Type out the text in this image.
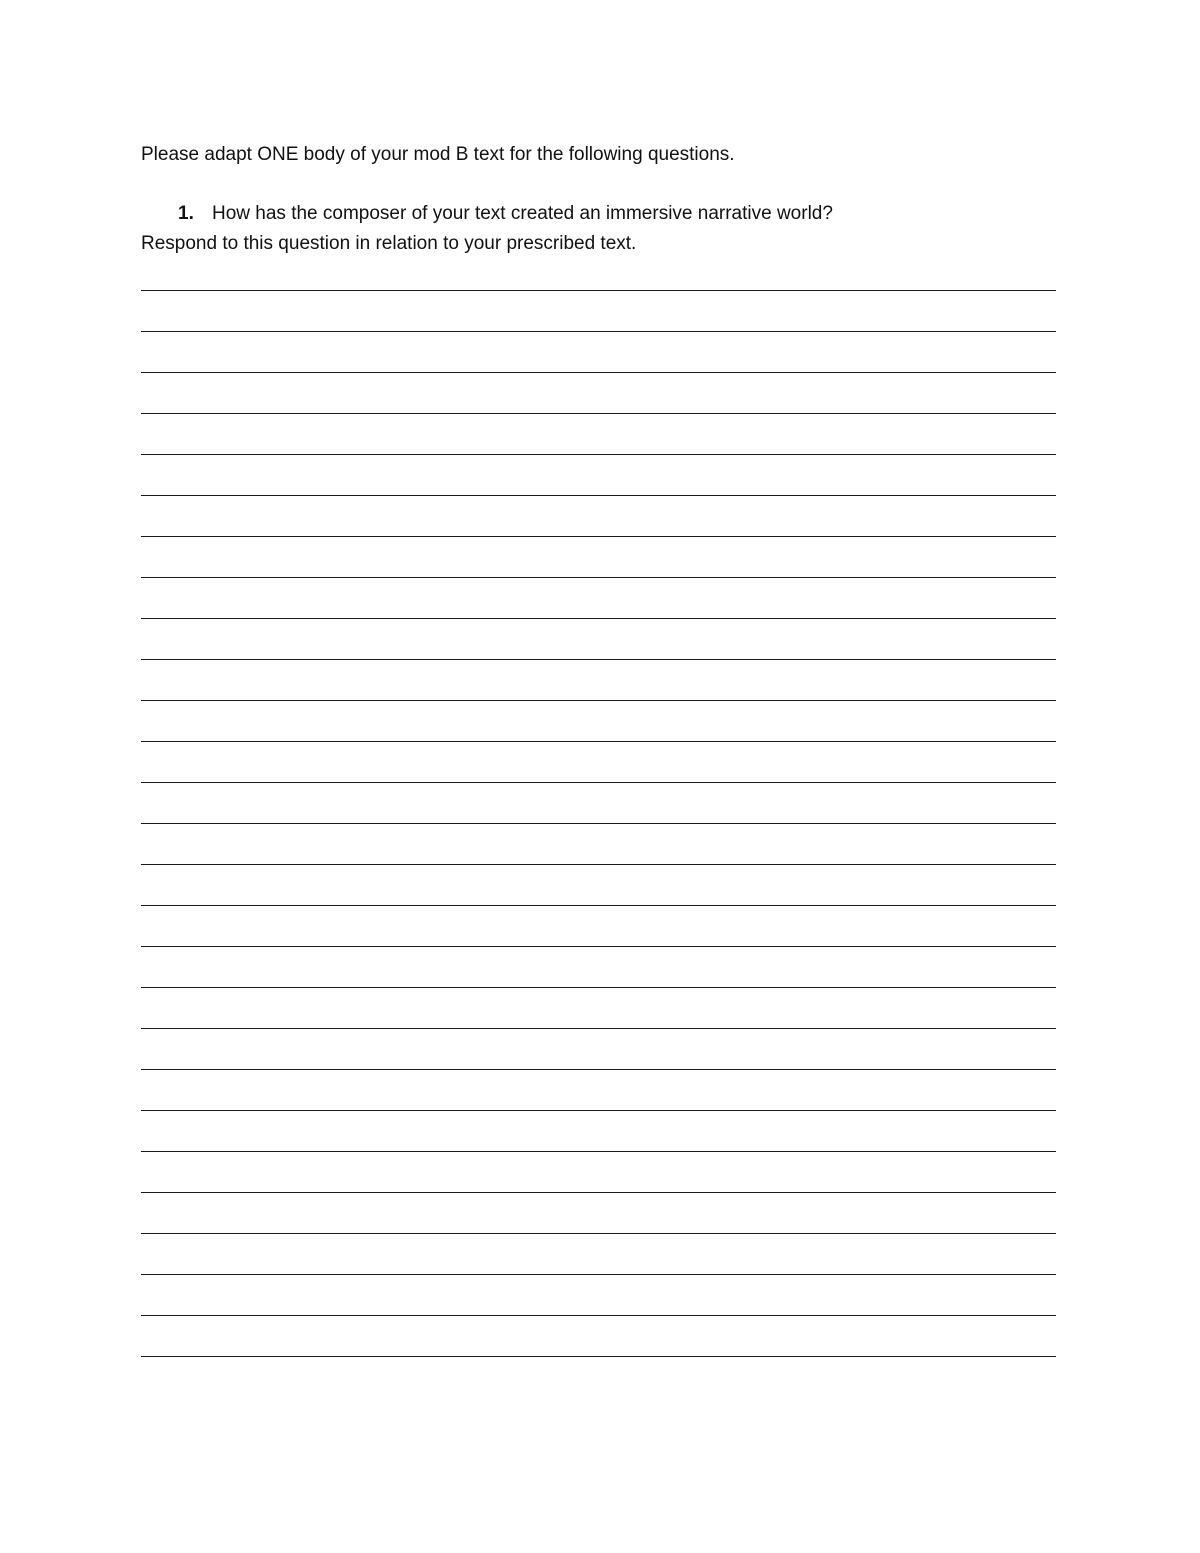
Please adapt ONE body of your mod B text for the following questions.
1. How has the composer of your text created an immersive narrative world?
Respond to this question in relation to your prescribed text.
